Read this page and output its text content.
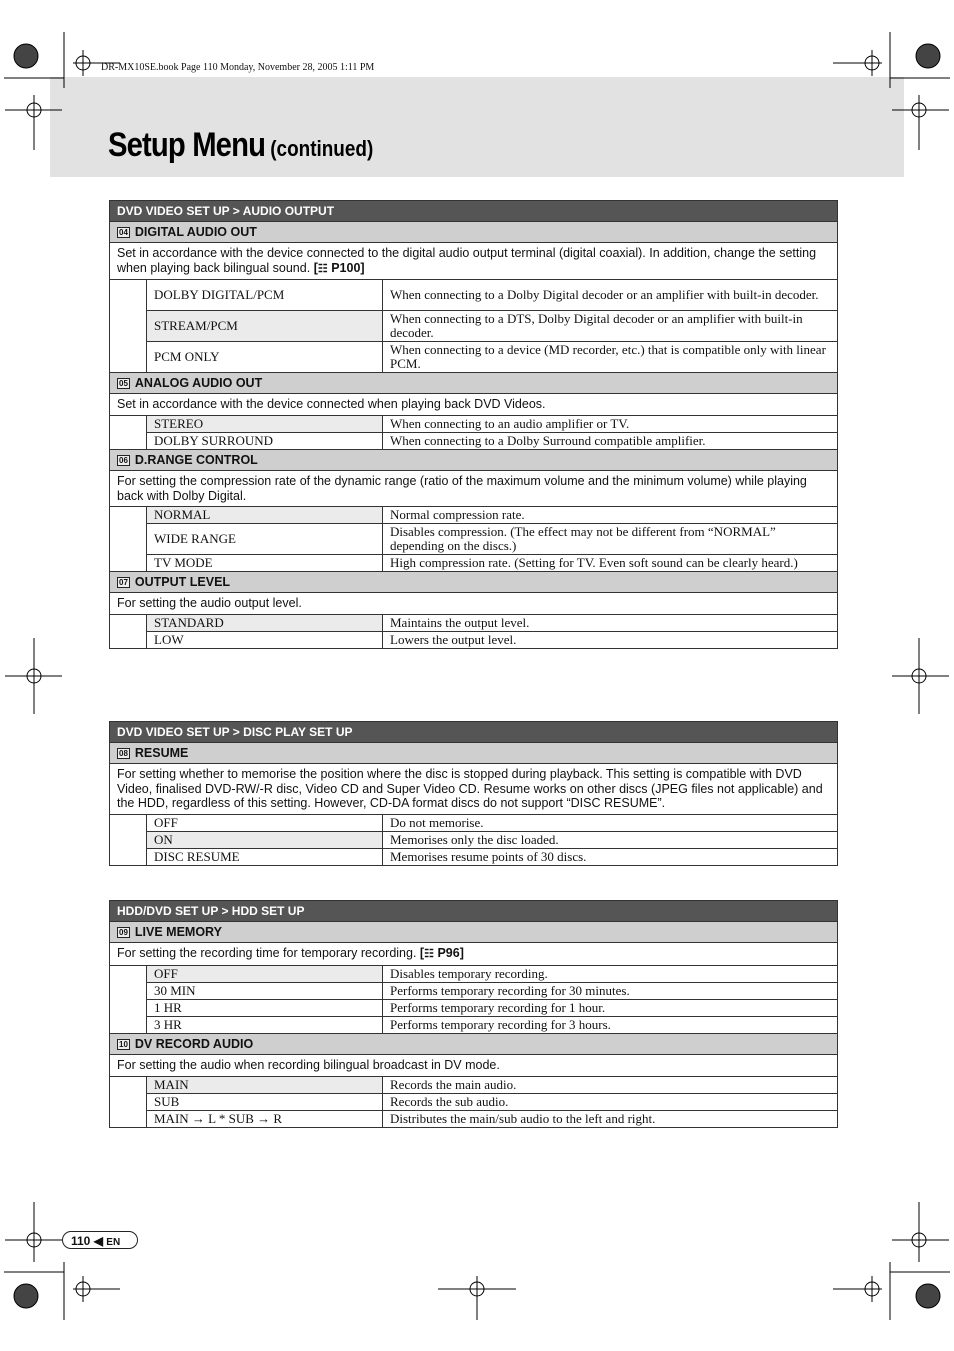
DR-MX10SE.book Page 110 Monday, November 28, 2005 1:11 PM
Setup Menu (continued)
DVD VIDEO SET UP > AUDIO OUTPUT		
04 DIGITAL AUDIO OUT		
Set in accordance with the device connected to the digital audio output terminal (digital coaxial). In addition, change the setting when playing back bilingual sound. [☷ P100]		
	DOLBY DIGITAL/PCM	When connecting to a Dolby Digital decoder or an amplifier with built-in decoder.
	STREAM/PCM	When connecting to a DTS, Dolby Digital decoder or an amplifier with built-in decoder.
	PCM ONLY	When connecting to a device (MD recorder, etc.) that is compatible only with linear PCM.
05 ANALOG AUDIO OUT		
Set in accordance with the device connected when playing back DVD Videos.		
	STEREO	When connecting to an audio amplifier or TV.
	DOLBY SURROUND	When connecting to a Dolby Surround compatible amplifier.
06 D.RANGE CONTROL		
For setting the compression rate of the dynamic range (ratio of the maximum volume and the minimum volume) while playing back with Dolby Digital.		
	NORMAL	Normal compression rate.
	WIDE RANGE	Disables compression. (The effect may not be different from “NORMAL” depending on the discs.)
	TV MODE	High compression rate. (Setting for TV. Even soft sound can be clearly heard.)
07 OUTPUT LEVEL		
For setting the audio output level.		
	STANDARD	Maintains the output level.
	LOW	Lowers the output level.
DVD VIDEO SET UP > DISC PLAY SET UP		
08 RESUME		
For setting whether to memorise the position where the disc is stopped during playback. This setting is compatible with DVD Video, finalised DVD-RW/-R disc, Video CD and Super Video CD. Resume works on other discs (JPEG files not applicable) and the HDD, regardless of this setting. However, CD-DA format discs do not support “DISC RESUME”.		
	OFF	Do not memorise.
	ON	Memorises only the disc loaded.
	DISC RESUME	Memorises resume points of 30 discs.
HDD/DVD SET UP > HDD SET UP		
09 LIVE MEMORY		
For setting the recording time for temporary recording. [☷ P96]		
	OFF	Disables temporary recording.
	30 MIN	Performs temporary recording for 30 minutes.
	1 HR	Performs temporary recording for 1 hour.
	3 HR	Performs temporary recording for 3 hours.
10 DV RECORD AUDIO		
For setting the audio when recording bilingual broadcast in DV mode.		
	MAIN	Records the main audio.
	SUB	Records the sub audio.
	MAIN → L * SUB → R	Distributes the main/sub audio to the left and right.
110 ◀ EN
